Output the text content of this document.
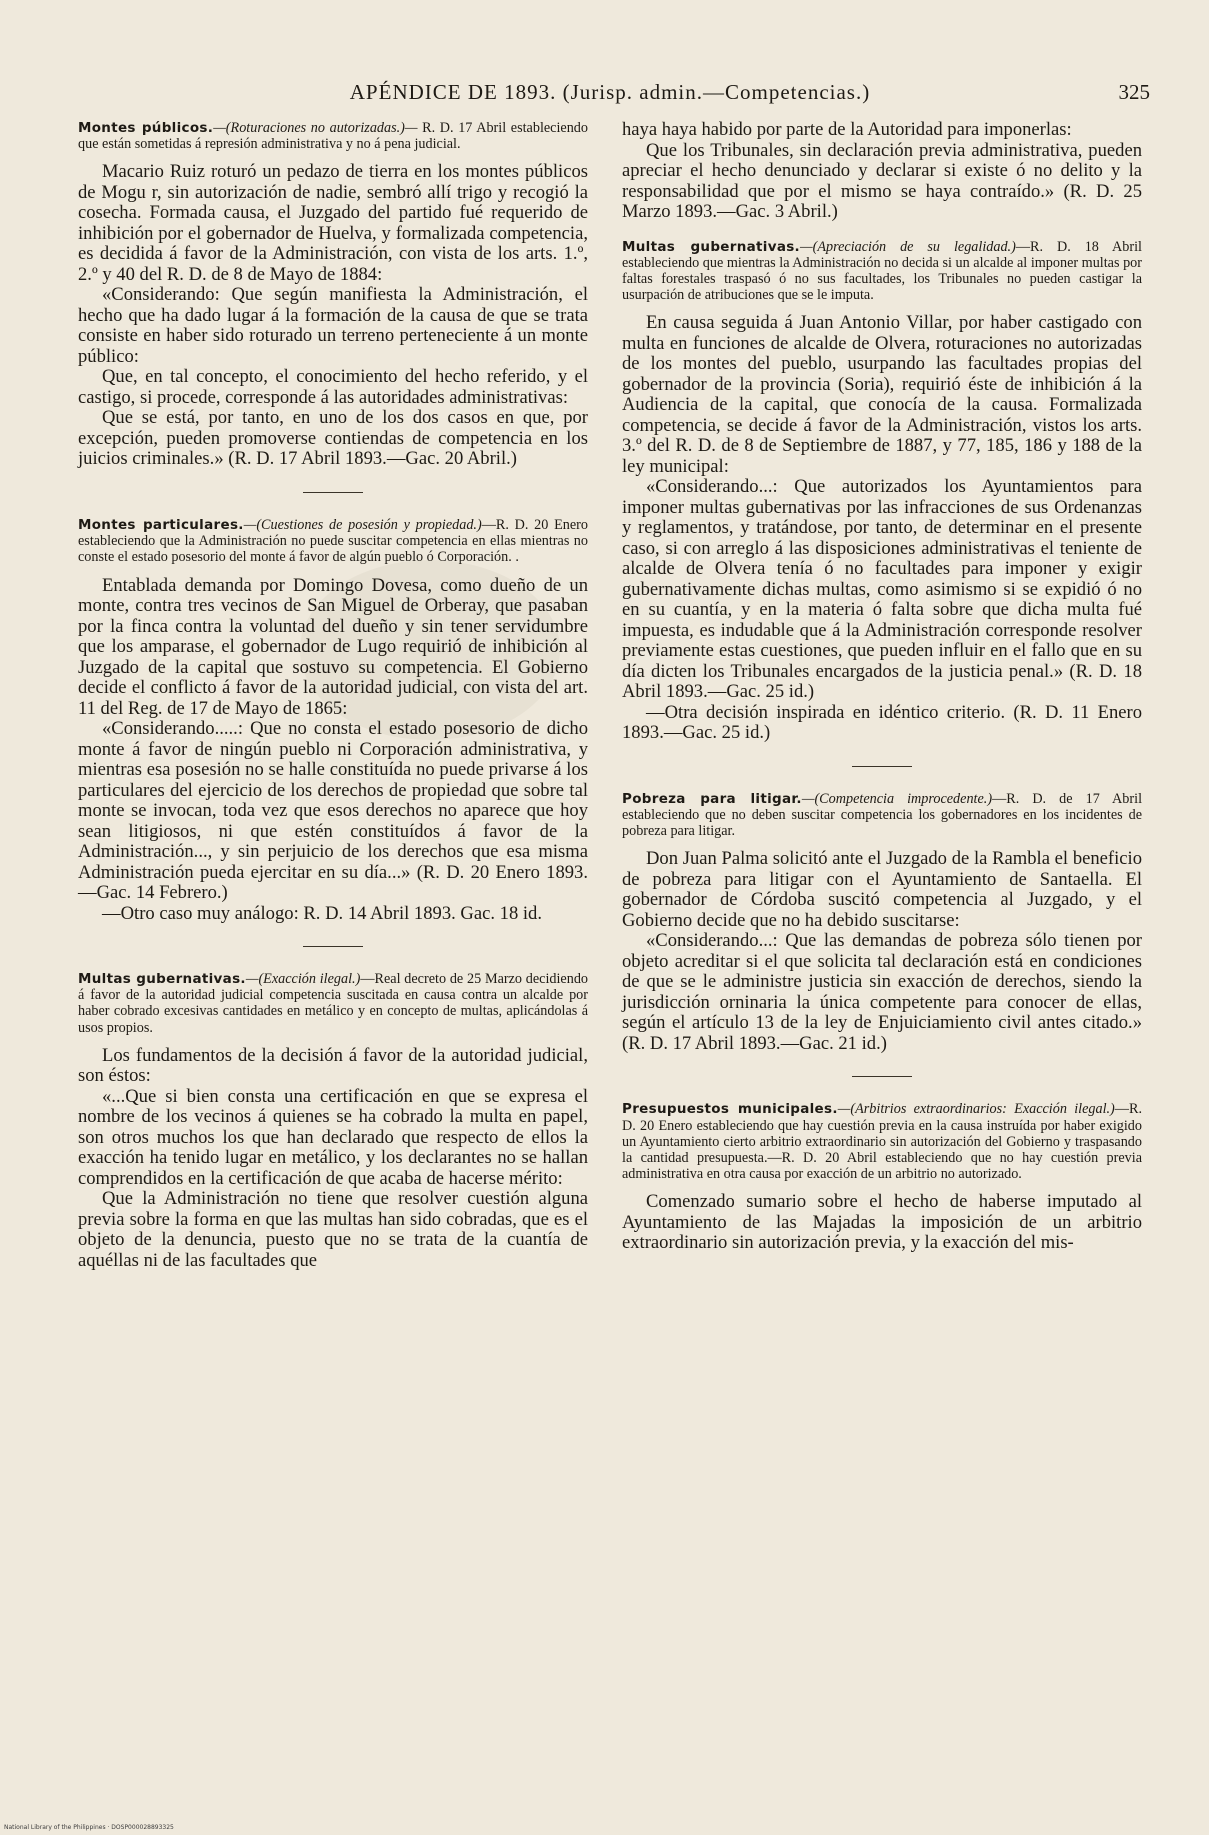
APÉNDICE DE 1893. (Jurisp. admin.—Competencias.)	325

Montes públicos.—(Roturaciones no autorizadas.)— R. D. 17 Abril estableciendo que están sometidas á represión administrativa y no á pena judicial.

Macario Ruiz roturó un pedazo de tierra en los montes públicos de Mogu r, sin autorización de nadie, sembró allí trigo y recogió la cosecha. Formada causa, el Juzgado del partido fué requerido de inhibición por el gobernador de Huelva, y formalizada competencia, es decidida á favor de la Administración, con vista de los arts. 1.º, 2.º y 40 del R. D. de 8 de Mayo de 1884:

«Considerando: Que según manifiesta la Administración, el hecho que ha dado lugar á la formación de la causa de que se trata consiste en haber sido roturado un terreno perteneciente á un monte público:

Que, en tal concepto, el conocimiento del hecho referido, y el castigo, si procede, corresponde á las autoridades administrativas:

Que se está, por tanto, en uno de los dos casos en que, por excepción, pueden promoverse contiendas de competencia en los juicios criminales.» (R. D. 17 Abril 1893.—Gac. 20 Abril.)

Montes particulares.—(Cuestiones de posesión y propiedad.)—R. D. 20 Enero estableciendo que la Administración no puede suscitar competencia en ellas mientras no conste el estado posesorio del monte á favor de algún pueblo ó Corporación. .

Entablada demanda por Domingo Dovesa, como dueño de un monte, contra tres vecinos de San Miguel de Orberay, que pasaban por la finca contra la voluntad del dueño y sin tener servidumbre que los amparase, el gobernador de Lugo requirió de inhibición al Juzgado de la capital que sostuvo su competencia. El Gobierno decide el conflicto á favor de la autoridad judicial, con vista del art. 11 del Reg. de 17 de Mayo de 1865:

«Considerando.....: Que no consta el estado posesorio de dicho monte á favor de ningún pueblo ni Corporación administrativa, y mientras esa posesión no se halle constituída no puede privarse á los particulares del ejercicio de los derechos de propiedad que sobre tal monte se invocan, toda vez que esos derechos no aparece que hoy sean litigiosos, ni que estén constituídos á favor de la Administración..., y sin perjuicio de los derechos que esa misma Administración pueda ejercitar en su día...» (R. D. 20 Enero 1893.—Gac. 14 Febrero.)

—Otro caso muy análogo: R. D. 14 Abril 1893. Gac. 18 id.

Multas gubernativas.—(Exacción ilegal.)—Real decreto de 25 Marzo decidiendo á favor de la autoridad judicial competencia suscitada en causa contra un alcalde por haber cobrado excesivas cantidades en metálico y en concepto de multas, aplicándolas á usos propios.

Los fundamentos de la decisión á favor de la autoridad judicial, son éstos:

«...Que si bien consta una certificación en que se expresa el nombre de los vecinos á quienes se ha cobrado la multa en papel, son otros muchos los que han declarado que respecto de ellos la exacción ha tenido lugar en metálico, y los declarantes no se hallan comprendidos en la certificación de que acaba de hacerse mérito:

Que la Administración no tiene que resolver cuestión alguna previa sobre la forma en que las multas han sido cobradas, que es el objeto de la denuncia, puesto que no se trata de la cuantía de aquéllas ni de las facultades que

haya haya habido por parte de la Autoridad para imponerlas:

Que los Tribunales, sin declaración previa administrativa, pueden apreciar el hecho denunciado y declarar si existe ó no delito y la responsabilidad que por el mismo se haya contraído.» (R. D. 25 Marzo 1893.—Gac. 3 Abril.)

Multas gubernativas.—(Apreciación de su legalidad.)—R. D. 18 Abril estableciendo que mientras la Administración no decida si un alcalde al imponer multas por faltas forestales traspasó ó no sus facultades, los Tribunales no pueden castigar la usurpación de atribuciones que se le imputa.

En causa seguida á Juan Antonio Villar, por haber castigado con multa en funciones de alcalde de Olvera, roturaciones no autorizadas de los montes del pueblo, usurpando las facultades propias del gobernador de la provincia (Soria), requirió éste de inhibición á la Audiencia de la capital, que conocía de la causa. Formalizada competencia, se decide á favor de la Administración, vistos los arts. 3.º del R. D. de 8 de Septiembre de 1887, y 77, 185, 186 y 188 de la ley municipal:

«Considerando...: Que autorizados los Ayuntamientos para imponer multas gubernativas por las infracciones de sus Ordenanzas y reglamentos, y tratándose, por tanto, de determinar en el presente caso, si con arreglo á las disposiciones administrativas el teniente de alcalde de Olvera tenía ó no facultades para imponer y exigir gubernativamente dichas multas, como asimismo si se expidió ó no en su cuantía, y en la materia ó falta sobre que dicha multa fué impuesta, es indudable que á la Administración corresponde resolver previamente estas cuestiones, que pueden influir en el fallo que en su día dicten los Tribunales encargados de la justicia penal.» (R. D. 18 Abril 1893.—Gac. 25 id.)

—Otra decisión inspirada en idéntico criterio. (R. D. 11 Enero 1893.—Gac. 25 id.)

Pobreza para litigar.—(Competencia improcedente.)—R. D. de 17 Abril estableciendo que no deben suscitar competencia los gobernadores en los incidentes de pobreza para litigar.

Don Juan Palma solicitó ante el Juzgado de la Rambla el beneficio de pobreza para litigar con el Ayuntamiento de Santaella. El gobernador de Córdoba suscitó competencia al Juzgado, y el Gobierno decide que no ha debido suscitarse:

«Considerando...: Que las demandas de pobreza sólo tienen por objeto acreditar si el que solicita tal declaración está en condiciones de que se le administre justicia sin exacción de derechos, siendo la jurisdicción orninaria la única competente para conocer de ellas, según el artículo 13 de la ley de Enjuiciamiento civil antes citado.» (R. D. 17 Abril 1893.—Gac. 21 id.)

Presupuestos municipales.—(Arbitrios extraordinarios: Exacción ilegal.)—R. D. 20 Enero estableciendo que hay cuestión previa en la causa instruída por haber exigido un Ayuntamiento cierto arbitrio extraordinario sin autorización del Gobierno y traspasando la cantidad presupuesta.—R. D. 20 Abril estableciendo que no hay cuestión previa administrativa en otra causa por exacción de un arbitrio no autorizado.

Comenzado sumario sobre el hecho de haberse imputado al Ayuntamiento de las Majadas la imposición de un arbitrio extraordinario sin autorización previa, y la exacción del mis-

National Library of the Philippines · DOSP000028893325
